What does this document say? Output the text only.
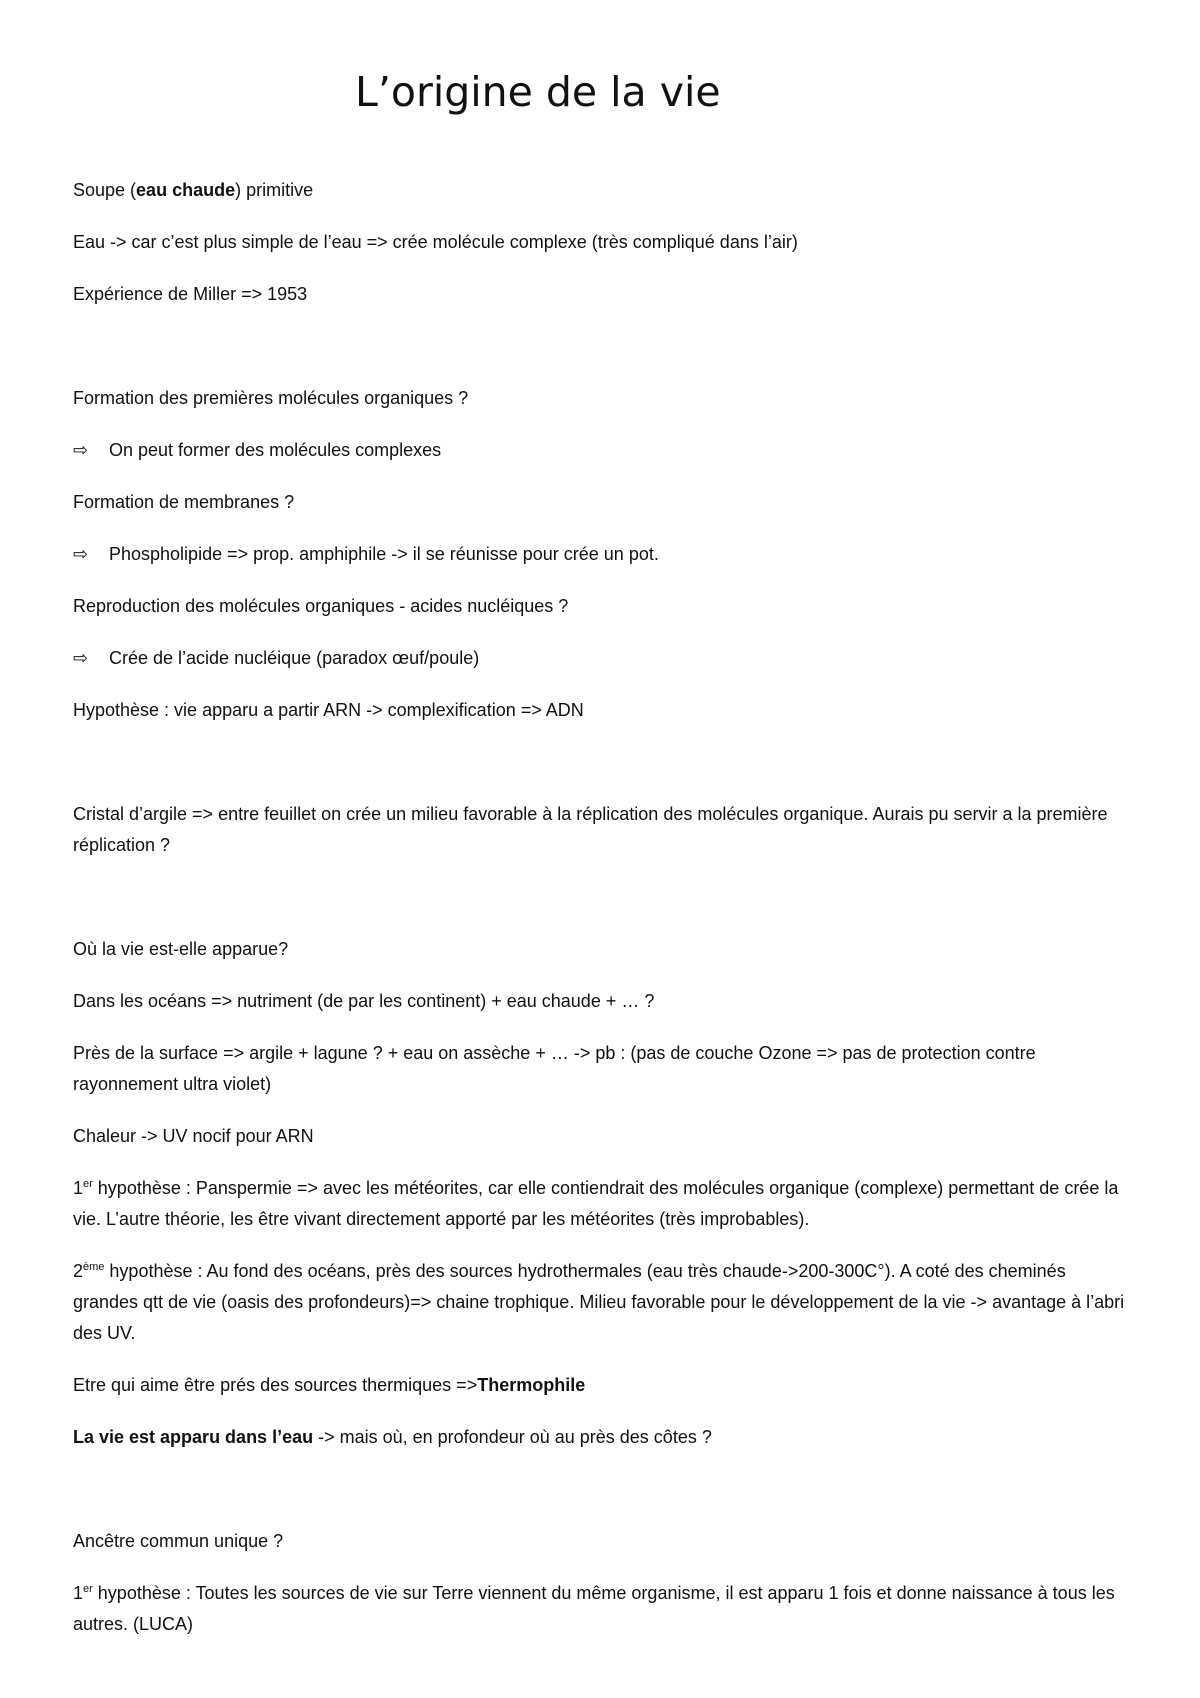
L’origine de la vie

Soupe (eau chaude) primitive

Eau -> car c’est plus simple de l’eau => crée molécule complexe (très compliqué dans l’air)

Expérience de Miller => 1953

Formation des premières molécules organiques ?

⇨ On peut former des molécules complexes

Formation de membranes ?

⇨ Phospholipide => prop. amphiphile -> il se réunisse pour crée un pot.

Reproduction des molécules organiques - acides nucléiques ?

⇨ Crée de l’acide nucléique (paradox œuf/poule)

Hypothèse : vie apparu a partir ARN -> complexification => ADN

Cristal d’argile => entre feuillet on crée un milieu favorable à la réplication des molécules organique. Aurais pu servir a la première réplication ?

Où la vie est-elle apparue?

Dans les océans => nutriment (de par les continent) + eau chaude + … ?

Près de la surface => argile + lagune ? + eau on assèche + … -> pb : (pas de couche Ozone => pas de protection contre rayonnement ultra violet)

Chaleur -> UV nocif pour ARN

1er hypothèse : Panspermie => avec les météorites, car elle contiendrait des molécules organique (complexe) permettant de crée la vie. L’autre théorie, les être vivant directement apporté par les météorites (très improbables).

2ème hypothèse : Au fond des océans, près des sources hydrothermales (eau très chaude->200-300C°). A coté des cheminés grandes qtt de vie (oasis des profondeurs)=> chaine trophique. Milieu favorable pour le développement de la vie -> avantage à l’abri des UV.

Etre qui aime être prés des sources thermiques =>Thermophile

La vie est apparu dans l’eau -> mais où, en profondeur où au près des côtes ?

Ancêtre commun unique ?

1er hypothèse : Toutes les sources de vie sur Terre viennent du même organisme, il est apparu 1 fois et donne naissance à tous les autres. (LUCA)
